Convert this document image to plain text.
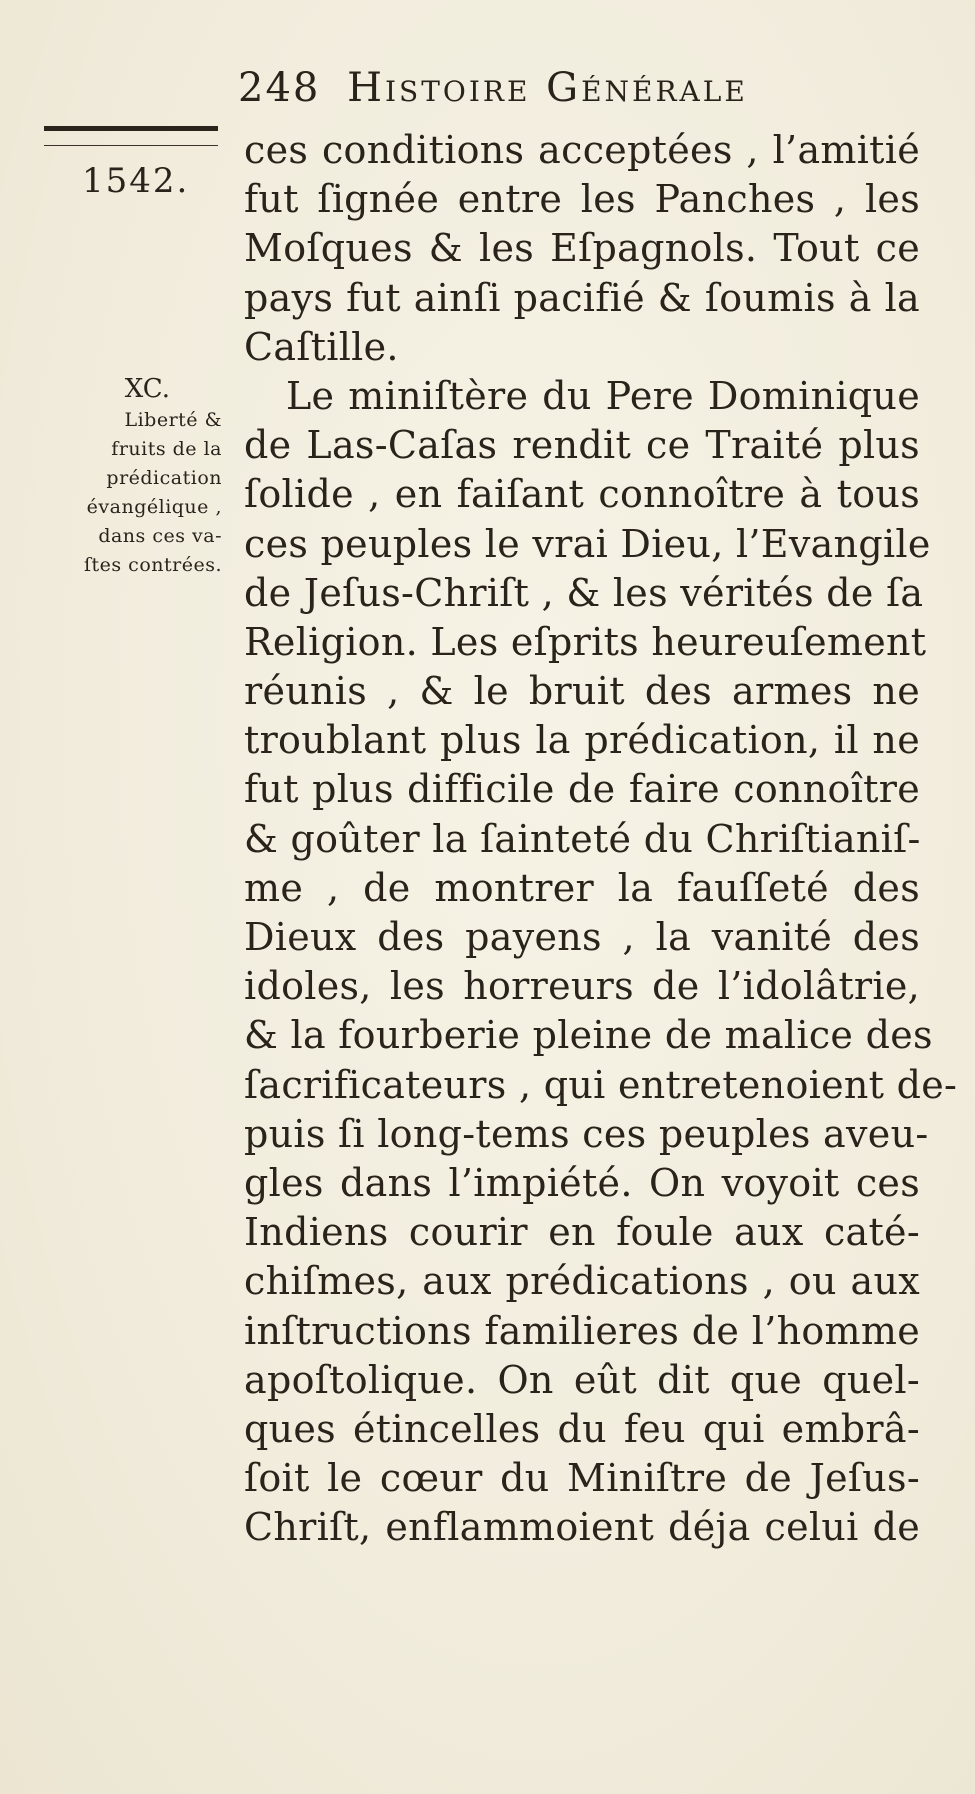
248 Histoire Générale
1542.
XC.
Liberté &
fruits de la
prédication
évangélique ,
dans ces va-
ſtes contrées.
ces conditions acceptées , l’amitié
fut ſignée entre les Panches , les
Moſques & les Eſpagnols. Tout ce
pays fut ainſi pacifié & ſoumis à la
Caſtille.
Le miniſtère du Pere Dominique
de Las-Caſas rendit ce Traité plus
ſolide , en faiſant connoître à tous
ces peuples le vrai Dieu, l’Evangile
de Jeſus-Chriſt , & les vérités de ſa
Religion. Les eſprits heureuſement
réunis , & le bruit des armes ne
troublant plus la prédication, il ne
fut plus difficile de faire connoître
& goûter la ſainteté du Chriſtianiſ-
me , de montrer la fauſſeté des
Dieux des payens , la vanité des
idoles, les horreurs de l’idolâtrie,
& la fourberie pleine de malice des
ſacrificateurs , qui entretenoient de-
puis ſi long-tems ces peuples aveu-
gles dans l’impiété. On voyoit ces
Indiens courir en foule aux caté-
chiſmes, aux prédications , ou aux
inſtructions familieres de l’homme
apoſtolique. On eût dit que quel-
ques étincelles du feu qui embrâ-
ſoit le cœur du Miniſtre de Jeſus-
Chriſt, enflammoient déja celui de
